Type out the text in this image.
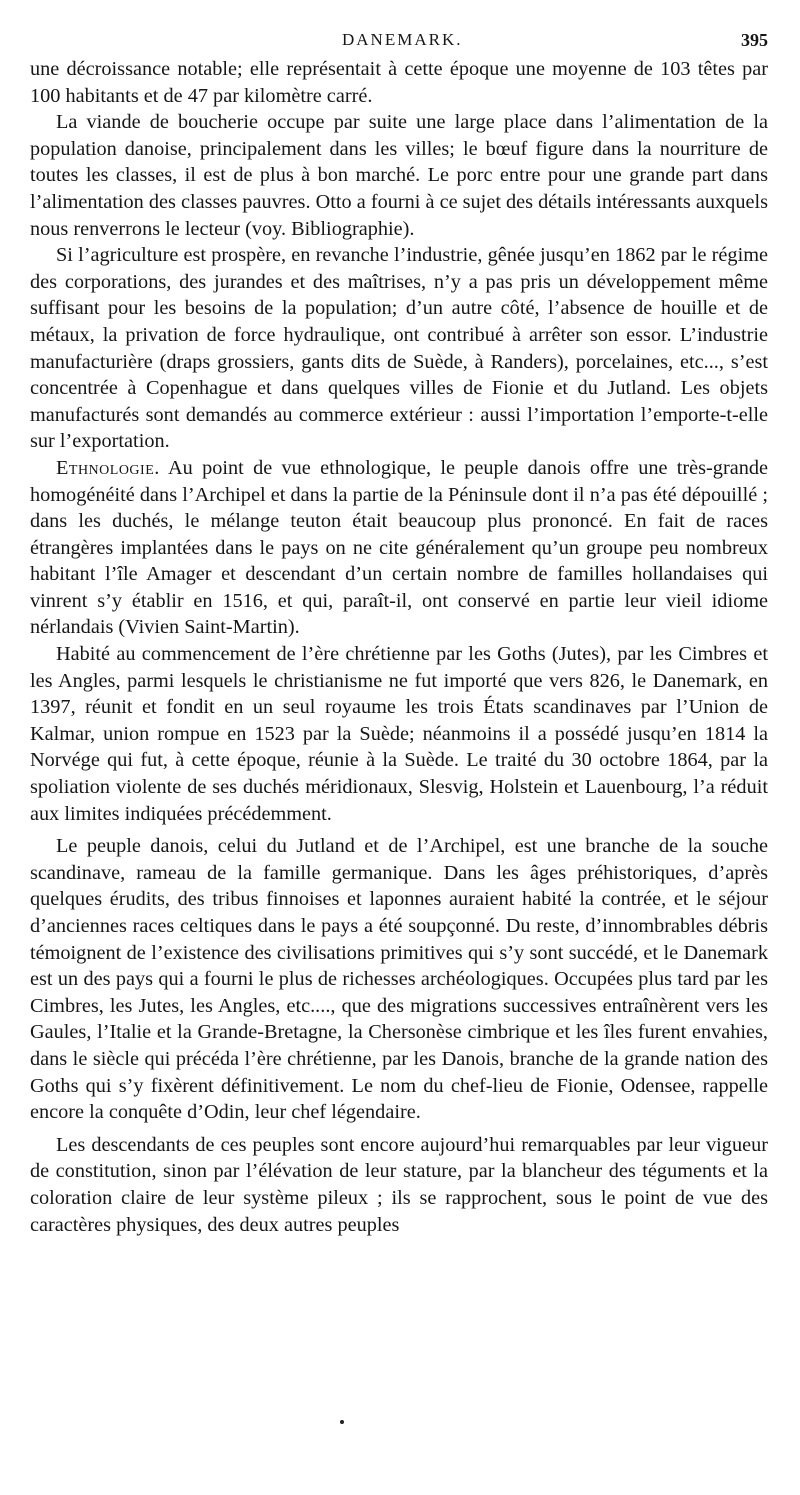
DANEMARK.	395

une décroissance notable; elle représentait à cette époque une moyenne de 103 têtes par 100 habitants et de 47 par kilomètre carré.

La viande de boucherie occupe par suite une large place dans l’alimentation de la population danoise, principalement dans les villes; le bœuf figure dans la nourriture de toutes les classes, il est de plus à bon marché. Le porc entre pour une grande part dans l’alimentation des classes pauvres. Otto a fourni à ce sujet des détails intéressants auxquels nous renverrons le lecteur (voy. Bibliographie).

Si l’agriculture est prospère, en revanche l’industrie, gênée jusqu’en 1862 par le régime des corporations, des jurandes et des maîtrises, n’y a pas pris un développement même suffisant pour les besoins de la population; d’un autre côté, l’absence de houille et de métaux, la privation de force hydraulique, ont contribué à arrêter son essor. L’industrie manufacturière (draps grossiers, gants dits de Suède, à Randers), porcelaines, etc..., s’est concentrée à Copenhague et dans quelques villes de Fionie et du Jutland. Les objets manufacturés sont demandés au commerce extérieur : aussi l’importation l’emporte-t-elle sur l’exportation.

Ethnologie. Au point de vue ethnologique, le peuple danois offre une très-grande homogénéité dans l’Archipel et dans la partie de la Péninsule dont il n’a pas été dépouillé ; dans les duchés, le mélange teuton était beaucoup plus prononcé. En fait de races étrangères implantées dans le pays on ne cite généralement qu’un groupe peu nombreux habitant l’île Amager et descendant d’un certain nombre de familles hollandaises qui vinrent s’y établir en 1516, et qui, paraît-il, ont conservé en partie leur vieil idiome nérlandais (Vivien Saint-Martin).

Habité au commencement de l’ère chrétienne par les Goths (Jutes), par les Cimbres et les Angles, parmi lesquels le christianisme ne fut importé que vers 826, le Danemark, en 1397, réunit et fondit en un seul royaume les trois États scandinaves par l’Union de Kalmar, union rompue en 1523 par la Suède; néanmoins il a possédé jusqu’en 1814 la Norvége qui fut, à cette époque, réunie à la Suède. Le traité du 30 octobre 1864, par la spoliation violente de ses duchés méridionaux, Slesvig, Holstein et Lauenbourg, l’a réduit aux limites indiquées précédemment.

Le peuple danois, celui du Jutland et de l’Archipel, est une branche de la souche scandinave, rameau de la famille germanique. Dans les âges préhistoriques, d’après quelques érudits, des tribus finnoises et laponnes auraient habité la contrée, et le séjour d’anciennes races celtiques dans le pays a été soupçonné. Du reste, d’innombrables débris témoignent de l’existence des civilisations primitives qui s’y sont succédé, et le Danemark est un des pays qui a fourni le plus de richesses archéologiques. Occupées plus tard par les Cimbres, les Jutes, les Angles, etc...., que des migrations successives entraînèrent vers les Gaules, l’Italie et la Grande-Bretagne, la Chersonèse cimbrique et les îles furent envahies, dans le siècle qui précéda l’ère chrétienne, par les Danois, branche de la grande nation des Goths qui s’y fixèrent définitivement. Le nom du chef-lieu de Fionie, Odensee, rappelle encore la conquête d’Odin, leur chef légendaire.

Les descendants de ces peuples sont encore aujourd’hui remarquables par leur vigueur de constitution, sinon par l’élévation de leur stature, par la blancheur des téguments et la coloration claire de leur système pileux ; ils se rapprochent, sous le point de vue des caractères physiques, des deux autres peuples
